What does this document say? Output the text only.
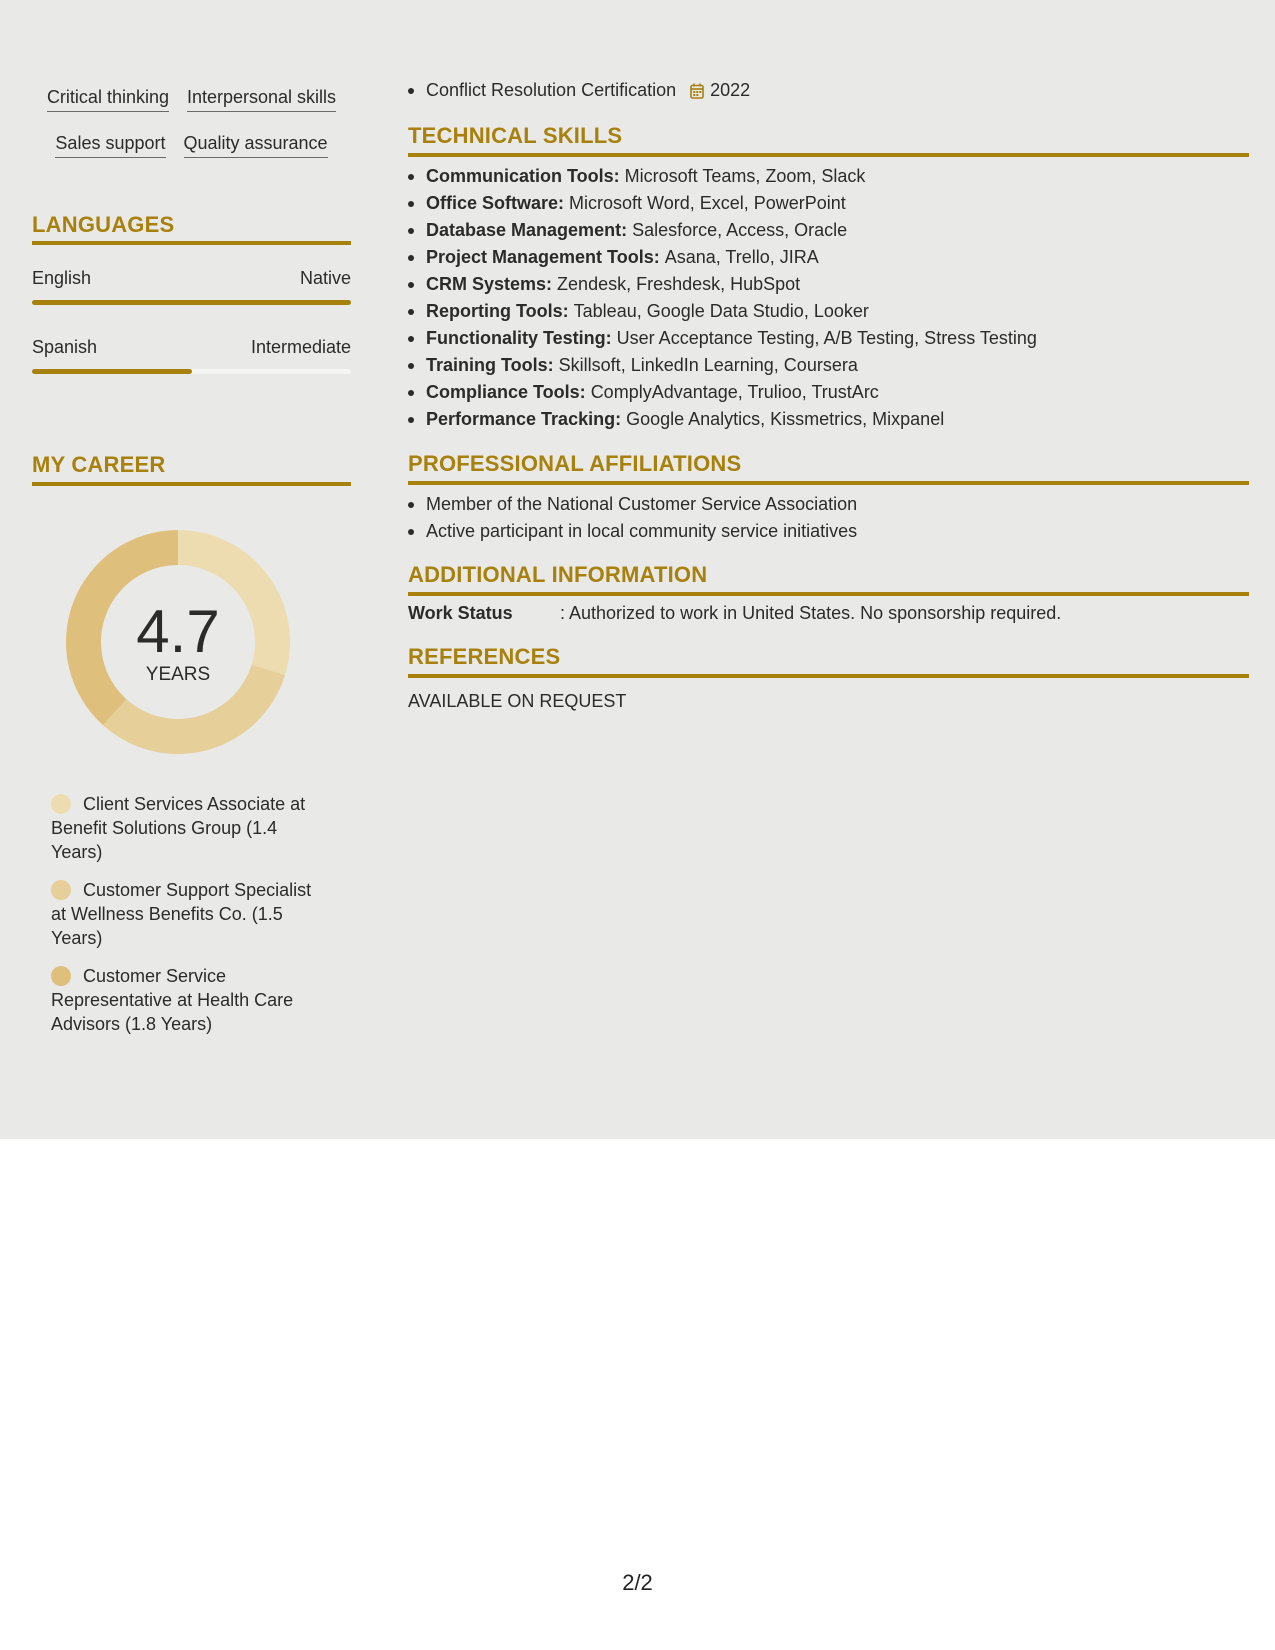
Critical thinking Interpersonal skills
Sales support Quality assurance
LANGUAGES
English	Native
Spanish	Intermediate
MY CAREER
4.7
YEARS
Client Services Associate at Benefit Solutions Group (1.4 Years)
Customer Support Specialist at Wellness Benefits Co. (1.5 Years)
Customer Service Representative at Health Care Advisors (1.8 Years)
Conflict Resolution Certification 2022
TECHNICAL SKILLS
Communication Tools: Microsoft Teams, Zoom, Slack
Office Software: Microsoft Word, Excel, PowerPoint
Database Management: Salesforce, Access, Oracle
Project Management Tools: Asana, Trello, JIRA
CRM Systems: Zendesk, Freshdesk, HubSpot
Reporting Tools: Tableau, Google Data Studio, Looker
Functionality Testing: User Acceptance Testing, A/B Testing, Stress Testing
Training Tools: Skillsoft, LinkedIn Learning, Coursera
Compliance Tools: ComplyAdvantage, Trulioo, TrustArc
Performance Tracking: Google Analytics, Kissmetrics, Mixpanel
PROFESSIONAL AFFILIATIONS
Member of the National Customer Service Association
Active participant in local community service initiatives
ADDITIONAL INFORMATION
Work Status	: Authorized to work in United States. No sponsorship required.
REFERENCES
AVAILABLE ON REQUEST
2/2
